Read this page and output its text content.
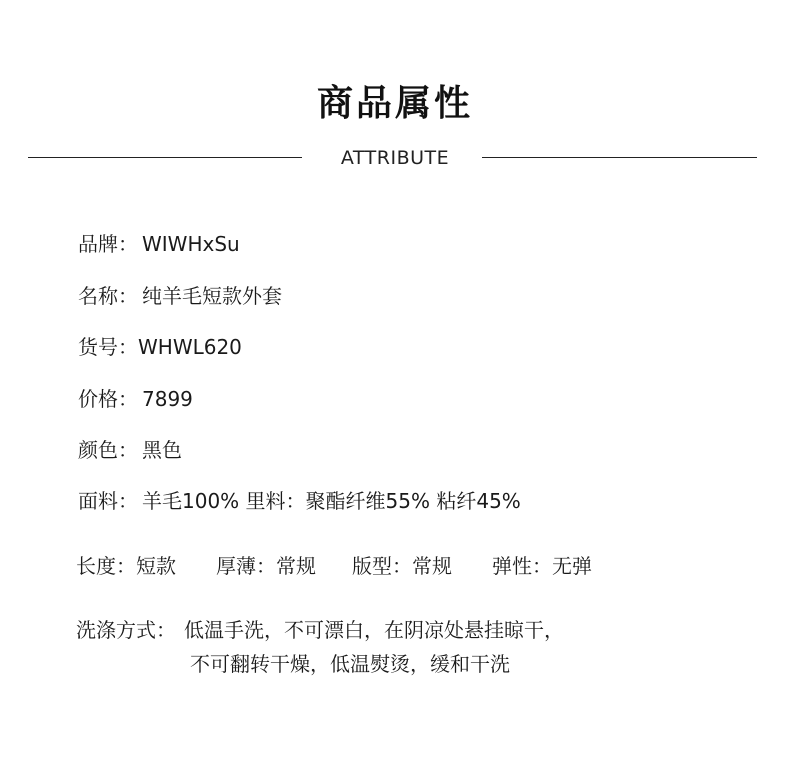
商品属性
ATTRIBUTE
品牌： WIWHxSu
名称： 纯羊毛短款外套
货号：WHWL620
价格： 7899
颜色： 黑色
面料： 羊毛100% 里料：聚酯纤维55% 粘纤45%
长度：短款 厚薄：常规 版型：常规 弹性：无弹
洗涤方式： 低温手洗，不可漂白，在阴凉处悬挂晾干，
不可翻转干燥，低温熨烫，缓和干洗
